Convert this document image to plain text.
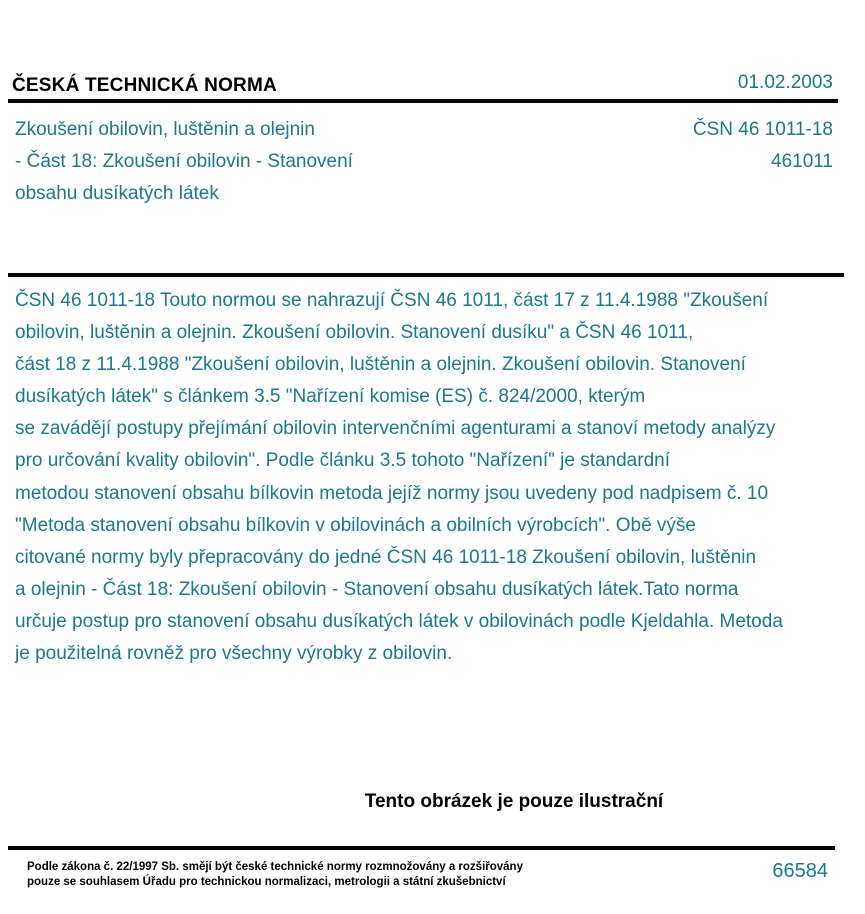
ČESKÁ TECHNICKÁ NORMA	01.02.2003
Zkoušení obilovin, luštěnin a olejnin
- Část 18: Zkoušení obilovin - Stanovení
obsahu dusíkatých látek
ČSN 46 1011-18
461011
ČSN 46 1011-18 Touto normou se nahrazují ČSN 46 1011, část 17 z 11.4.1988 "Zkoušení
obilovin, luštěnin a olejnin. Zkoušení obilovin. Stanovení dusíku" a ČSN 46 1011,
část 18 z 11.4.1988 "Zkoušení obilovin, luštěnin a olejnin. Zkoušení obilovin. Stanovení
dusíkatých látek" s článkem 3.5 "Nařízení komise (ES) č. 824/2000, kterým
se zavádějí postupy přejímání obilovin intervenčními agenturami a stanoví metody analýzy
pro určování kvality obilovin". Podle článku 3.5 tohoto "Nařízení" je standardní
metodou stanovení obsahu bílkovin metoda jejíž normy jsou uvedeny pod nadpisem č. 10
"Metoda stanovení obsahu bílkovin v obilovinách a obilních výrobcích". Obě výše
citované normy byly přepracovány do jedné ČSN 46 1011-18 Zkoušení obilovin, luštěnin
a olejnin - Část 18: Zkoušení obilovin - Stanovení obsahu dusíkatých látek.Tato norma
určuje postup pro stanovení obsahu dusíkatých látek v obilovinách podle Kjeldahla. Metoda
je použitelná rovněž pro všechny výrobky z obilovin.
Tento obrázek je pouze ilustrační
Podle zákona č. 22/1997 Sb. smějí být české technické normy rozmnožovány a rozšiřovány
pouze se souhlasem Úřadu pro technickou normalizaci, metrologii a státní zkušebnictví	66584
